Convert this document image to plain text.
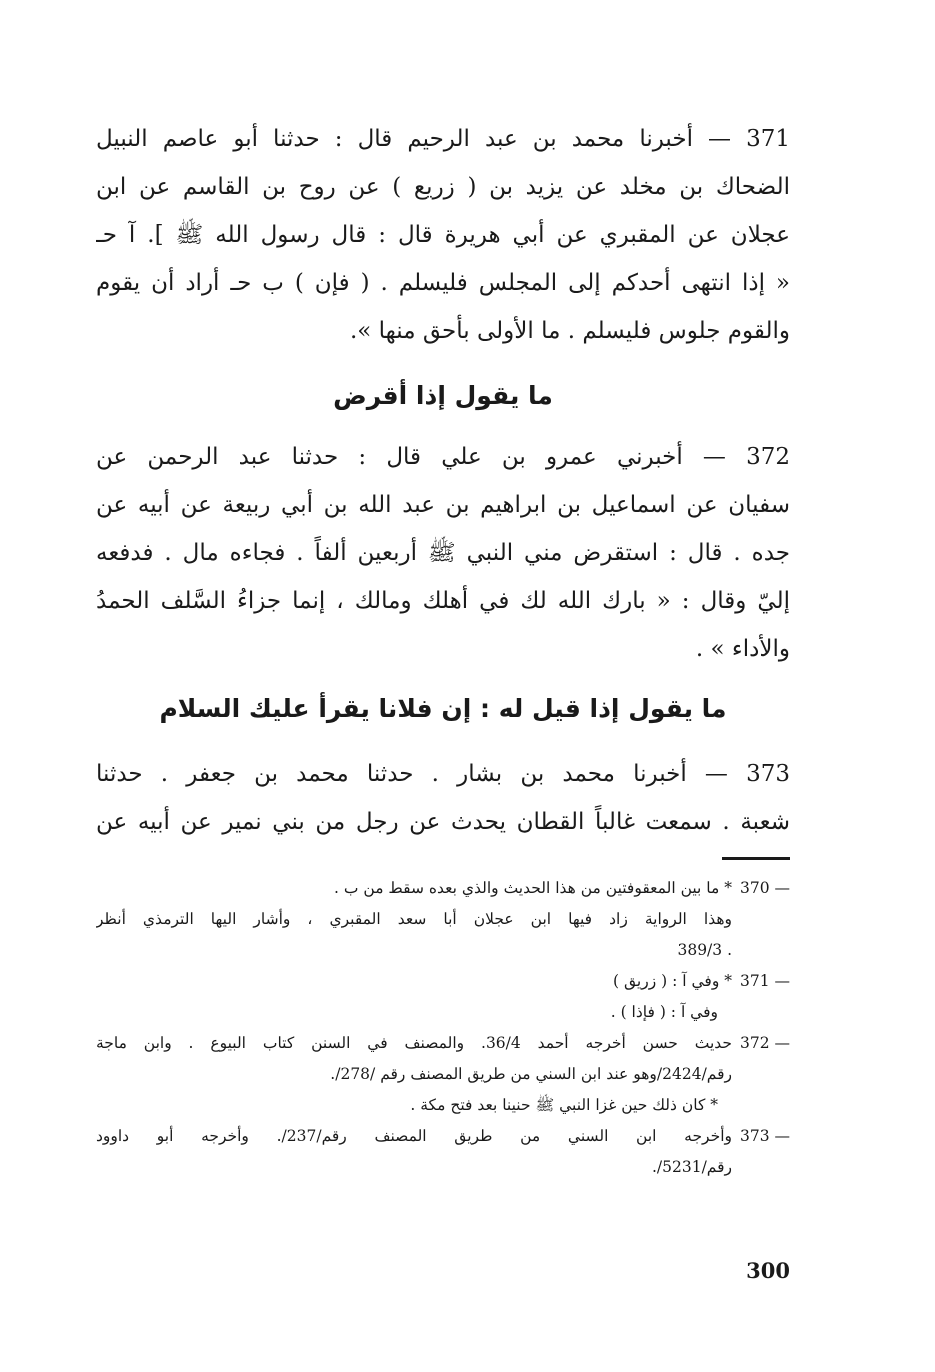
371 — أخبرنا محمد بن عبد الرحيم قال : حدثنا أبو عاصم النبيل
الضحاك بن مخلد عن يزيد بن ( زريع ) عن روح بن القاسم عن ابن
عجلان عن المقبري عن أبي هريرة قال : قال رسول الله ﷺ ]. آ حـ
« إذا انتهى أحدكم إلى المجلس فليسلم . ( فإن ) ب حـ أراد أن يقوم
والقوم جلوس فليسلم . ما الأولى بأحق منها ».
ما يقول إذا أقرض
372 — أخبرني عمرو بن علي قال : حدثنا عبد الرحمن عن
سفيان عن اسماعيل بن ابراهيم بن عبد الله بن أبي ربيعة عن أبيه عن
جده . قال : استقرض مني النبي ﷺ أربعين ألفاً . فجاءه مال . فدفعه
إليّ وقال : « بارك الله لك في أهلك ومالك ، إنما جزاءُ السَّلف الحمدُ
والأداء » .
ما يقول إذا قيل له : إن فلانا يقرأ عليك السلام
373 — أخبرنا محمد بن بشار . حدثنا محمد بن جعفر . حدثنا
شعبة . سمعت غالباً القطان يحدث عن رجل من بني نمير عن أبيه عن
370 —
* ما بين المعقوفتين من هذا الحديث والذي بعده سقط من ب .
وهذا الرواية زاد فيها ابن عجلان أبا سعد المقبري ، وأشار اليها الترمذي أنظر
. 389/3
371 —
* وفي آ : ( زريق )
وفي آ : ( فإذا ) .
372 —
حديث حسن أخرجه أحمد 36/4. والمصنف في السنن كتاب البيوع . وابن ماجة
رقم/2424/وهو عند ابن السني من طريق المصنف رقم /278/.
* كان ذلك حين غزا النبي ﷺ حنينا بعد فتح مكة .
373 —
وأخرجه ابن السني من طريق المصنف رقم/237/. وأخرجه أبو داوود
رقم/5231/.
300
